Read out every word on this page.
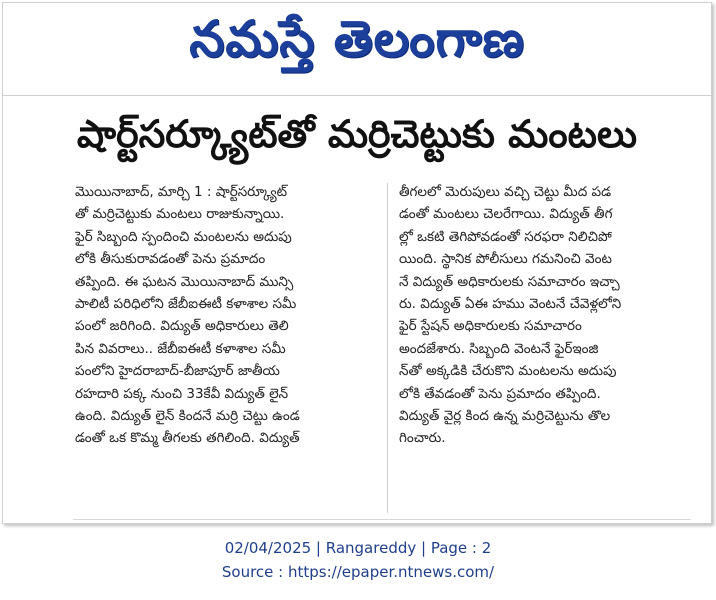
నమస్తే తెలంగాణ
షార్ట్‌సర్క్యూట్‌తో మర్రిచెట్టుకు మంటలు
మొయినాబాద్, మార్చి 1 : షార్ట్‌సర్క్యూట్
తో మర్రిచెట్టుకు మంటలు రాజుకున్నాయి.
ఫైర్ సిబ్బంది స్పందించి మంటలను అదుపు
లోకి తీసుకురావడంతో పెను ప్రమాదం
తప్పింది. ఈ ఘటన మొయినాబాద్ మున్సి
పాలిటీ పరిధిలోని జేబీఐఈటీ కళాశాల సమీ
పంలో జరిగింది. విద్యుత్ అధికారులు తెలి
పిన వివరాలు.. జేబీఐఈటీ కళాశాల సమీ
పంలోని హైదరాబాద్-బీజాపూర్ జాతీయ
రహదారి పక్క నుంచి 33కేవీ విద్యుత్ లైన్
ఉంది. విద్యుత్ లైన్ కిందనే మర్రి చెట్టు ఉండ
డంతో ఒక కొమ్మ తీగలకు తగిలింది. విద్యుత్
తీగలలో మెరుపులు వచ్చి చెట్టు మీద పడ
డంతో మంటలు చెలరేగాయి. విద్యుత్ తీగ
ల్లో ఒకటి తెగిపోవడంతో సరఫరా నిలిచిపో
యింది. స్థానిక పోలీసులు గమనించి వెంట
నే విద్యుత్ అధికారులకు సమాచారం ఇచ్చా
రు. విద్యుత్ ఏఈ హము వెంటనే చేవెళ్లలోని
ఫైర్ స్టేషన్ అధికారులకు సమాచారం
అందజేశారు. సిబ్బంది వెంటనే ఫైర్‌ఇంజి
న్‌తో అక్కడికి చేరుకొని మంటలను అదుపు
లోకి తేవడంతో పెను ప్రమాదం తప్పింది.
విద్యుత్ వైర్ల కింద ఉన్న మర్రిచెట్టును తొల
గించారు.
02/04/2025 | Rangareddy | Page : 2
Source : https://epaper.ntnews.com/
